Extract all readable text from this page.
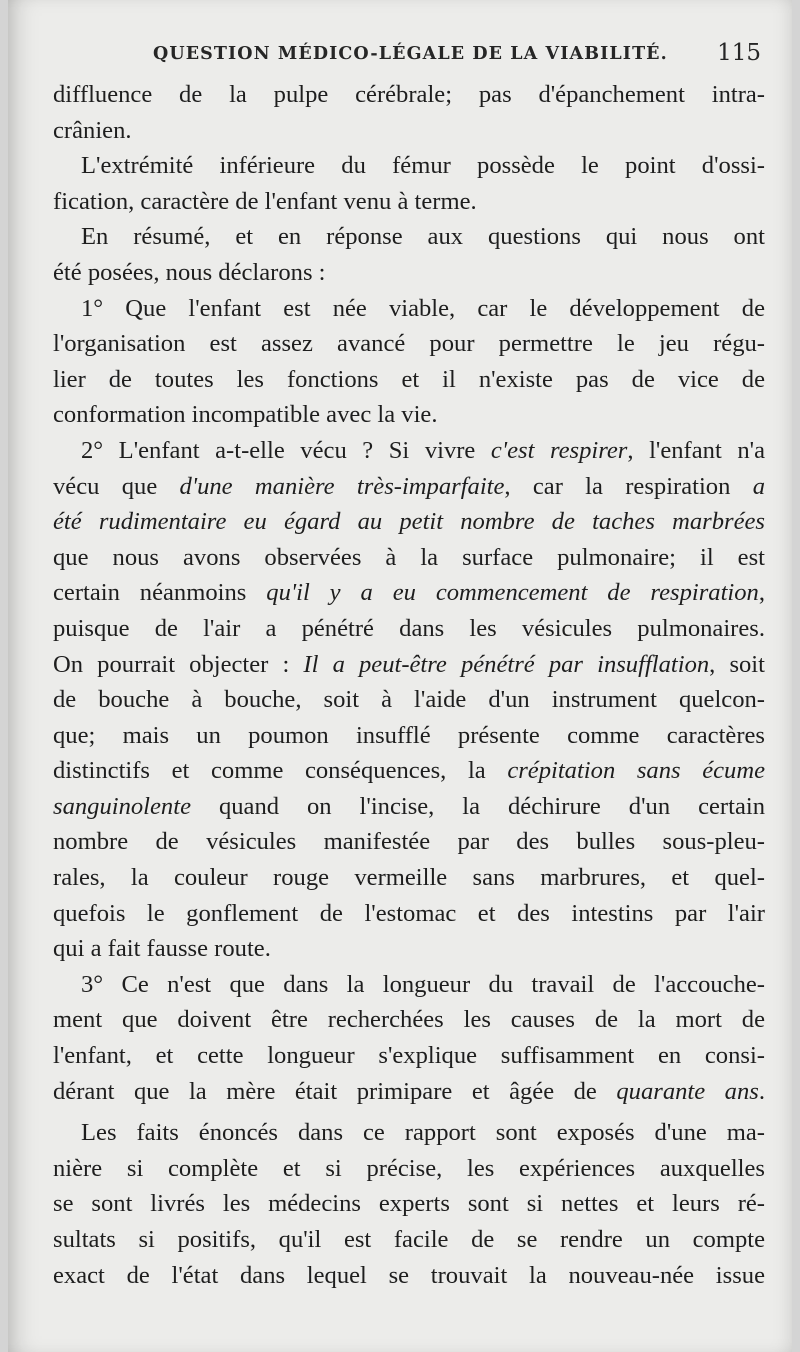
QUESTION MÉDICO-LÉGALE DE LA VIABILITÉ. 115
diffluence de la pulpe cérébrale; pas d'épanchement intra-
crânien.
L'extrémité inférieure du fémur possède le point d'ossi-
fication, caractère de l'enfant venu à terme.
En résumé, et en réponse aux questions qui nous ont
été posées, nous déclarons :
1° Que l'enfant est née viable, car le développement de
l'organisation est assez avancé pour permettre le jeu régu-
lier de toutes les fonctions et il n'existe pas de vice de
conformation incompatible avec la vie.
2° L'enfant a-t-elle vécu ? Si vivre c'est respirer, l'enfant n'a
vécu que d'une manière très-imparfaite, car la respiration a
été rudimentaire eu égard au petit nombre de taches marbrées
que nous avons observées à la surface pulmonaire; il est
certain néanmoins qu'il y a eu commencement de respiration,
puisque de l'air a pénétré dans les vésicules pulmonaires.
On pourrait objecter : Il a peut-être pénétré par insufflation, soit
de bouche à bouche, soit à l'aide d'un instrument quelcon-
que; mais un poumon insufflé présente comme caractères
distinctifs et comme conséquences, la crépitation sans écume
sanguinolente quand on l'incise, la déchirure d'un certain
nombre de vésicules manifestée par des bulles sous-pleu-
rales, la couleur rouge vermeille sans marbrures, et quel-
quefois le gonflement de l'estomac et des intestins par l'air
qui a fait fausse route.
3° Ce n'est que dans la longueur du travail de l'accouche-
ment que doivent être recherchées les causes de la mort de
l'enfant, et cette longueur s'explique suffisamment en consi-
dérant que la mère était primipare et âgée de quarante ans.
Les faits énoncés dans ce rapport sont exposés d'une ma-
nière si complète et si précise, les expériences auxquelles
se sont livrés les médecins experts sont si nettes et leurs ré-
sultats si positifs, qu'il est facile de se rendre un compte
exact de l'état dans lequel se trouvait la nouveau-née issue
